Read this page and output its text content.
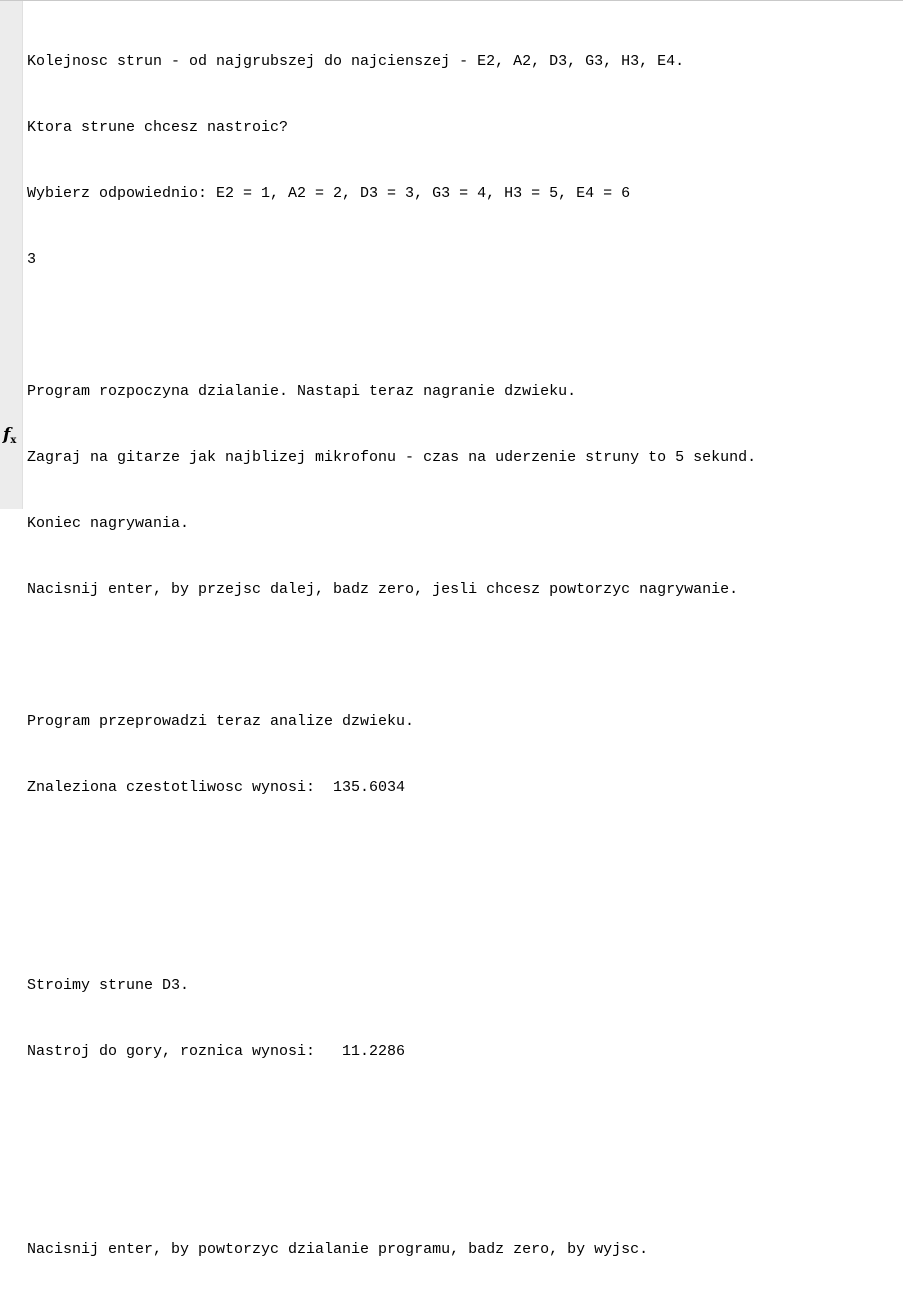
$f_x$

Kolejnosc strun - od najgrubszej do najcienszej - E2, A2, D3, G3, H3, E4.

Ktora strune chcesz nastroic?

Wybierz odpowiednio: E2 = 1, A2 = 2, D3 = 3, G3 = 4, H3 = 5, E4 = 6

3

Program rozpoczyna dzialanie. Nastapi teraz nagranie dzwieku.

Zagraj na gitarze jak najblizej mikrofonu - czas na uderzenie struny to 5 sekund.

Koniec nagrywania.

Nacisnij enter, by przejsc dalej, badz zero, jesli chcesz powtorzyc nagrywanie.

Program przeprowadzi teraz analize dzwieku.

Znaleziona czestotliwosc wynosi:  135.6034

Stroimy strune D3.

Nastroj do gory, roznica wynosi:   11.2286

Nacisnij enter, by powtorzyc dzialanie programu, badz zero, by wyjsc.
